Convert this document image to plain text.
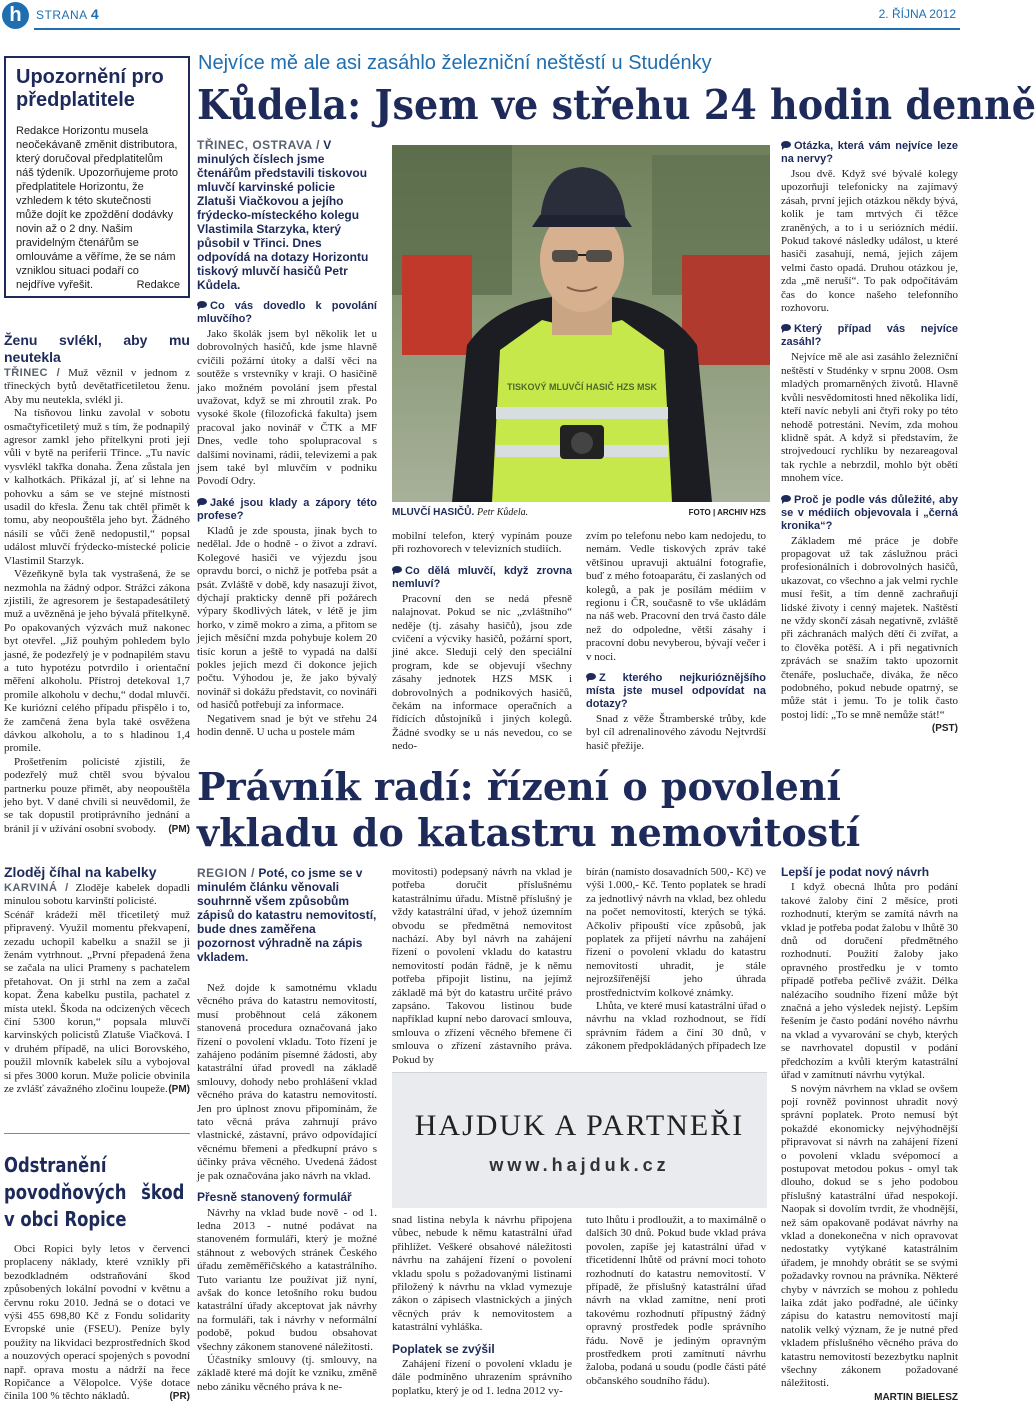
h	STRANA 4	2. ŘÍJNA 2012
Upozornění pro předplatitele
Redakce Horizontu musela neočekávaně změnit distributora, který doručoval předplatitelům náš týdeník. Upozorňujeme proto předplatitele Horizontu, že vzhledem k této skutečnosti může dojít ke zpoždění dodávky novin až o 2 dny. Našim pravidelným čtenářům se omlouváme a věříme, že se nám vzniklou situaci podaří co nejdříve vyřešit.	Redakce
Ženu svlékl, aby mu neutekla

TŘINEC / Muž věznil v jednom z třineckých bytů devětatřicetiletou ženu. Aby mu neutekla, svlékl ji.

Na tísňovou linku zavolal v sobotu osmačtyřicetiletý muž s tím, že podnapilý agresor zamkl jeho přítelkyni proti její vůli v bytě na periferii Třince. „Tu navíc vysvlékl takřka donaha. Žena zůstala jen v kalhotkách. Přikázal jí, ať si lehne na pohovku a sám se ve stejné místnosti usadil do křesla. Ženu tak chtěl přimět k tomu, aby neopouštěla jeho byt. Žádného násilí se vůči ženě nedopustil,“ popsal událost mluvčí frýdecko-místecké policie Vlastimil Starzyk.

Vězeňkyně byla tak vystrašená, že se nezmohla na žádný odpor. Strážci zákona zjistili, že agresorem je šestapadesátiletý muž a uvězněná je jeho bývalá přítelkyně. Po opakovaných výzvách muž nakonec byt otevřel. „Již pouhým pohledem bylo jasné, že podezřelý je v podnapilém stavu a tuto hypotézu potvrdilo i orientační měření alkoholu. Přístroj detekoval 1,7 promile alkoholu v dechu,“ dodal mluvčí. Ke kuriózní celého případu přispělo i to, že zamčená žena byla také osvěžena dávkou alkoholu, a to s hladinou 1,4 promile.

Prošetřením policisté zjistili, že podezřelý muž chtěl svou bývalou partnerku pouze přimět, aby neopouštěla jeho byt. V dané chvíli si neuvědomil, že se tak dopustil protiprávního jednání a bránil jí v užívání osobní svobody.	(PM)

Zloděj číhal na kabelky

KARVINÁ / Zloděje kabelek dopadli minulou sobotu karvinští policisté.

Scénář krádeží měl třicetiletý muž připravený. Využil momentu překvapení, zezadu uchopil kabelku a snažil se ji ženám vytrhnout. „První přepadená žena se začala na ulici Prameny s pachatelem přetahovat. On ji strhl na zem a začal kopat. Žena kabelku pustila, pachatel z místa utekl. Škoda na odcizených věcech činí 5300 korun,“ popsala mluvčí karvinských policistů Zlatuše Viačková. I v druhém případě, na ulici Borovského, použil mlovník kabelek sílu a vybojoval si přes 3000 korun. Muže policie obvinila ze zvlášť závažného zločinu loupeže. (PM)

Odstranění povodňových škod v obci Ropice

Obci Ropici byly letos v červenci proplaceny náklady, které vznikly při bezodkladném odstraňování škod způsobených lokální povodní v květnu a červnu roku 2010. Jedná se o dotaci ve výši 455 698,80 Kč z Fondu solidarity Evropské unie (FSEU). Peníze byly použity na likvidaci bezprostředních škod a nouzových operací spojených s povodní např. oprava mostu a nádrží na řece Ropičance a Vělopolce. Výše dotace činila 100 % těchto nákladů.	(PR)

Nejvíce mě ale asi zasáhlo železniční neštěstí u Studénky
Kůdela: Jsem ve střehu 24 hodin denně

TŘINEC, OSTRAVA / V minulých číslech jsme čtenářům představili tiskovou mluvčí karvinské policie Zlatuši Viačkovou a jejího frýdecko-místeckého kolegu Vlastimila Starzyka, který působil v Třinci. Dnes odpovídá na dotazy Horizontu tiskový mluvčí hasičů Petr Kůdela.

Co vás dovedlo k povolání mluvčího?

Jako školák jsem byl několik let u dobrovolných hasičů, kde jsme hlavně cvičili požární útoky a další věci na soutěže s vrstevníky v kraji. O hasičině jako možném povolání jsem přestal uvažovat, když se mi zhroutil zrak. Po vysoké škole (filozofická fakulta) jsem pracoval jako novinář v ČTK a MF Dnes, vedle toho spolupracoval s dalšími novinami, rádii, televizemi a pak jsem také byl mluvčím v podniku Povodí Odry.

Jaké jsou klady a zápory této profese?

Kladů je zde spousta, jinak bych to nedělal. Jde o hodně - o život a zdraví. Kolegové hasiči ve výjezdu jsou opravdu borci, o nichž je potřeba psát a psát. Zvláště v době, kdy nasazují život, dýchají prakticky denně při požárech výpary škodlivých látek, v létě je jim horko, v zimě mokro a zima, a přitom se jejich měsíční mzda pohybuje kolem 20 tisíc korun a ještě to vypadá na další pokles jejich mezd či dokonce jejich počtu. Výhodou je, že jako bývalý novinář si dokážu představit, co novináři od hasičů potřebují za informace.

Negativem snad je být ve střehu 24 hodin denně. U ucha u postele mám

TISKOVÝ MLUVČÍ HASIČ HZS MSK
MLUVČÍ HASIČŮ. Petr Kůdela.	FOTO | ARCHIV HZS

mobilní telefon, který vypínám pouze při rozhovorech v televizních studiích.

Co dělá mluvčí, když zrovna nemluví?

Pracovní den se nedá přesně nalajnovat. Pokud se nic „zvláštního“ neděje (tj. zásahy hasičů), jsou zde cvičení a výcviky hasičů, požární sport, jiné akce. Sleduji celý den speciální program, kde se objevují všechny zásahy jednotek HZS MSK i dobrovolných a podnikových hasičů, čekám na informace operačních a řídících důstojníků i jiných kolegů. Žádné svodky se u nás nevedou, co se nedo-

zvím po telefonu nebo kam nedojedu, to nemám. Vedle tiskových zpráv také většinou upravuji aktuální fotografie, buď z mého fotoaparátu, či zaslaných od kolegů, a pak je posílám médiím v regionu i ČR, současně to vše ukládám na náš web. Pracovní den trvá často dále než do odpoledne, větší zásahy i pracovní dobu nevyberou, bývají večer i v noci.

Z kterého nejkurióznějšího místa jste musel odpovídat na dotazy?

Snad z věže Štramberské trůby, kde byl cíl adrenalinového závodu Nejtvrdší hasič přežije.

Otázka, která vám nejvíce leze na nervy?

Jsou dvě. Když své bývalé kolegy upozorňuji telefonicky na zajímavý zásah, první jejich otázkou někdy bývá, kolik je tam mrtvých či těžce zraněných, a to i u seriózních médií. Pokud takové následky událost, u které hasiči zasahují, nemá, jejich zájem velmi často opadá. Druhou otázkou je, zda „mě neruší“. To pak odpočítávám čas do konce našeho telefonního rozhovoru.

Který případ vás nejvíce zasáhl?

Nejvíce mě ale asi zasáhlo železniční neštěstí v Studénky v srpnu 2008. Osm mladých promarněných životů. Hlavně kvůli nesvědomitosti hned několika lidí, kteří navíc nebyli ani čtyři roky po této nehodě potrestáni. Nevím, zda mohou klidně spát. A když si představím, že strojvedoucí rychlíku by nezareagoval tak rychle a nebrzdil, mohlo být obětí mnohem více.

Proč je podle vás důležité, aby se v médiích objevovala i „černá kronika“?

Základem mé práce je dobře propagovat už tak záslužnou práci profesionálních i dobrovolných hasičů, ukazovat, co všechno a jak velmi rychle musí řešit, a tím denně zachraňují lidské životy i cenný majetek. Naštěstí ne vždy skončí zásah negativně, zvláště při záchranách malých dětí či zvířat, a to člověka potěší. A i při negativních zprávách se snažím takto upozornit čtenáře, posluchače, diváka, že něco podobného, pokud nebude opatrný, se může stát i jemu. To je tolik často postoj lidí: „To se mně nemůže stát!“
(PST)

Právník radí: řízení o povolení vkladu do katastru nemovitostí

REGION / Poté, co jsme se v minulém článku věnovali souhrnně všem způsobům zápisů do katastru nemovitostí, bude dnes zaměřena pozornost výhradně na zápis vkladem.

Než dojde k samotnému vkladu věcného práva do katastru nemovitostí, musí proběhnout celá zákonem stanovená procedura označovaná jako řízení o povolení vkladu. Toto řízení je zahájeno podáním písemné žádosti, aby katastrální úřad provedl na základě smlouvy, dohody nebo prohlášení vklad věcného práva do katastru nemovitostí. Jen pro úplnost znovu připomínám, že tato věcná práva zahrnují právo vlastnické, zástavní, právo odpovídající věcnému břemeni a předkupní právo s účinky práva věcného. Uvedená žádost je pak označována jako návrh na vklad.

Přesně stanovený formulář

Návrhy na vklad bude nově - od 1. ledna 2013 - nutné podávat na stanoveném formuláři, který je možné stáhnout z webových stránek Českého úřadu zeměměřičského a katastrálního. Tuto variantu lze používat již nyní, avšak do konce letošního roku budou katastrální úřady akceptovat jak návrhy na formuláři, tak i návrhy v neformální podobě, pokud budou obsahovat všechny zákonem stanovené náležitosti.

Účastníky smlouvy (tj. smlouvy, na základě které má dojít ke vzniku, změně nebo zániku věcného práva k ne-

movitosti) podepsaný návrh na vklad je potřeba doručit příslušnému katastrálnímu úřadu. Místně příslušný je vždy katastrální úřad, v jehož územním obvodu se předmětná nemovitost nachází. Aby byl návrh na zahájení řízení o povolení vkladu do katastru nemovitostí podán řádně, je k němu potřeba připojit listinu, na jejímž základě má být do katastru určité právo zapsáno. Takovou listinou bude například kupní nebo darovací smlouva, smlouva o zřízení věcného břemene či smlouva o zřízení zástavního práva. Pokud by

bírán (namísto dosavadních 500,- Kč) ve výši 1.000,- Kč. Tento poplatek se hradí za jednotlivý návrh na vklad, bez ohledu na počet nemovitostí, kterých se týká. Ačkoliv připouští více způsobů, jak poplatek za přijetí návrhu na zahájení řízení o povolení vkladu do katastru nemovitostí uhradit, je stále nejrozšířenější jeho úhrada prostřednictvím kolkové známky.

Lhůta, ve které musí katastrální úřad o návrhu na vklad rozhodnout, se řídí správním řádem a činí 30 dnů, v zákonem předpokládaných případech lze

HAJDUK A PARTNEŘI
www.hajduk.cz

snad listina nebyla k návrhu připojena vůbec, nebude k němu katastrální úřad přihlížet. Veškeré obsahové náležitosti návrhu na zahájení řízení o povolení vkladu spolu s požadovanými listinami přiložený k návrhu na vklad vymezuje zákon o zápisech vlastnických a jiných věcných práv k nemovitostem a katastrální vyhláška.

Poplatek se zvýšil

Zahájení řízení o povolení vkladu je dále podmíněno uhrazením správního poplatku, který je od 1. ledna 2012 vy-

tuto lhůtu i prodloužit, a to maximálně o dalších 30 dnů. Pokud bude vklad práva povolen, zapíše jej katastrální úřad v třicetidenní lhůtě od právní moci tohoto rozhodnutí do katastru nemovitostí. V případě, že příslušný katastrální úřad návrh na vklad zamítne, není proti takovému rozhodnutí přípustný žádný opravný prostředek podle správního řádu. Nově je jediným opravným prostředkem proti zamítnutí návrhu žaloba, podaná u soudu (podle části páté občanského soudního řádu).

Lepší je podat nový návrh

I když obecná lhůta pro podání takové žaloby činí 2 měsíce, proti rozhodnutí, kterým se zamítá návrh na vklad je potřeba podat žalobu v lhůtě 30 dnů od doručení předmětného rozhodnutí. Použití žaloby jako opravného prostředku je v tomto případě potřeba pečlivě zvážit. Délka nalézacího soudního řízení může být značná a jeho výsledek nejistý. Lepším řešením je často podání nového návrhu na vklad a vyvarování se chyb, kterých se navrhovatel dopustil v podání předchozím a kvůli kterým katastrální úřad v zamítnutí návrhu vytýkal.

S novým návrhem na vklad se ovšem pojí rovněž povinnost uhradit nový správní poplatek. Proto nemusí být pokaždé ekonomicky nejvýhodnější připravovat si návrh na zahájení řízení o povolení vkladu svépomocí a postupovat metodou pokus - omyl tak dlouho, dokud se s jeho podobou příslušný katastrální úřad nespokojí. Naopak si dovolím tvrdit, že vhodnější, než sám opakovaně podávat návrhy na vklad a donekonečna v nich opravovat nedostatky vytýkané katastrálním úřadem, je mnohdy obrátit se se svými požadavky rovnou na právníka. Některé chyby v návrzích se mohou z pohledu laika zdát jako podřadné, ale účinky zápisu do katastru nemovitostí mají natolik velký význam, že je nutné před vkladem příslušného věcného práva do katastru nemovitostí bezezbytku naplnit všechny zákonem požadované náležitosti.

MARTIN BIELESZ
